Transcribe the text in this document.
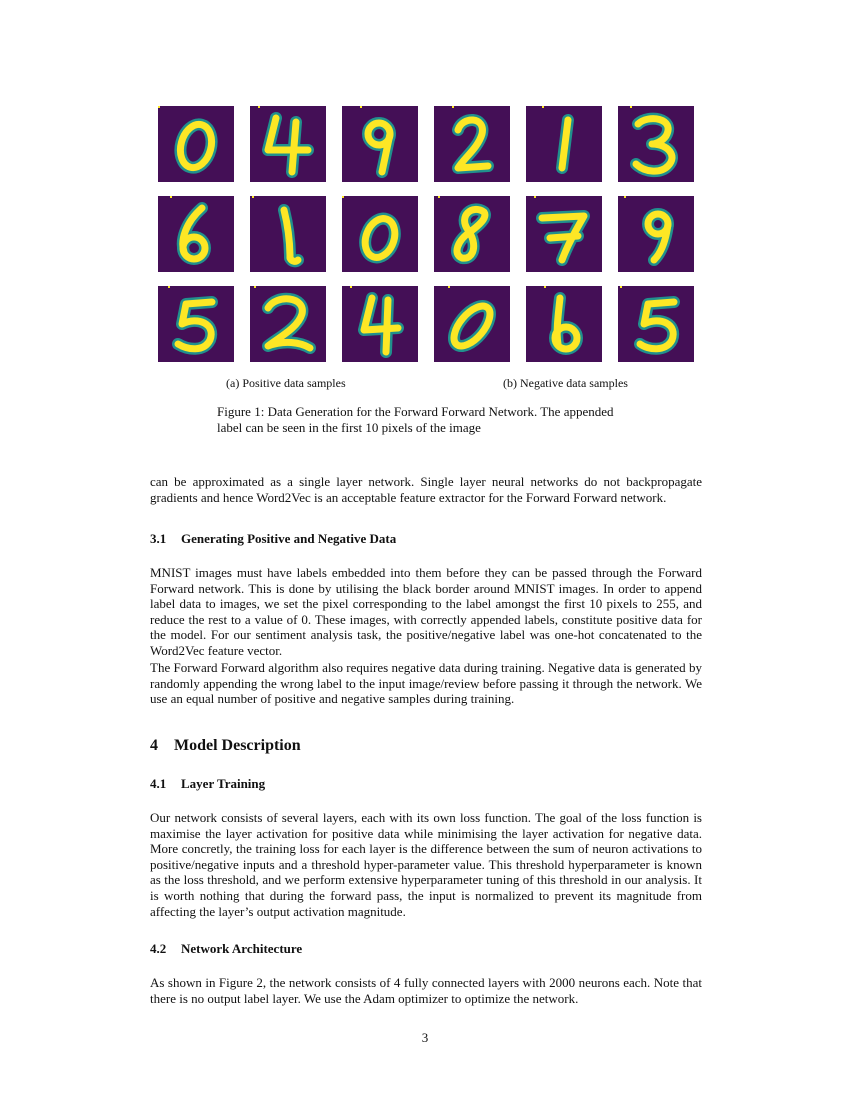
(a) Positive data samples	(b) Negative data samples
Figure 1: Data Generation for the Forward Forward Network. The appended label can be seen in the first 10 pixels of the image
can be approximated as a single layer network. Single layer neural networks do not backpropagate gradients and hence Word2Vec is an acceptable feature extractor for the Forward Forward network.
3.1 Generating Positive and Negative Data
MNIST images must have labels embedded into them before they can be passed through the Forward Forward network. This is done by utilising the black border around MNIST images. In order to append label data to images, we set the pixel corresponding to the label amongst the first 10 pixels to 255, and reduce the rest to a value of 0. These images, with correctly appended labels, constitute positive data for the model. For our sentiment analysis task, the positive/negative label was one-hot concatenated to the Word2Vec feature vector.
The Forward Forward algorithm also requires negative data during training. Negative data is generated by randomly appending the wrong label to the input image/review before passing it through the network. We use an equal number of positive and negative samples during training.
4 Model Description
4.1 Layer Training
Our network consists of several layers, each with its own loss function. The goal of the loss function is maximise the layer activation for positive data while minimising the layer activation for negative data. More concretly, the training loss for each layer is the difference between the sum of neuron activations to positive/negative inputs and a threshold hyper-parameter value. This threshold hyperparameter is known as the loss threshold, and we perform extensive hyperparameter tuning of this threshold in our analysis. It is worth nothing that during the forward pass, the input is normalized to prevent its magnitude from affecting the layer’s output activation magnitude.
4.2 Network Architecture
As shown in Figure 2, the network consists of 4 fully connected layers with 2000 neurons each. Note that there is no output label layer. We use the Adam optimizer to optimize the network.
3
